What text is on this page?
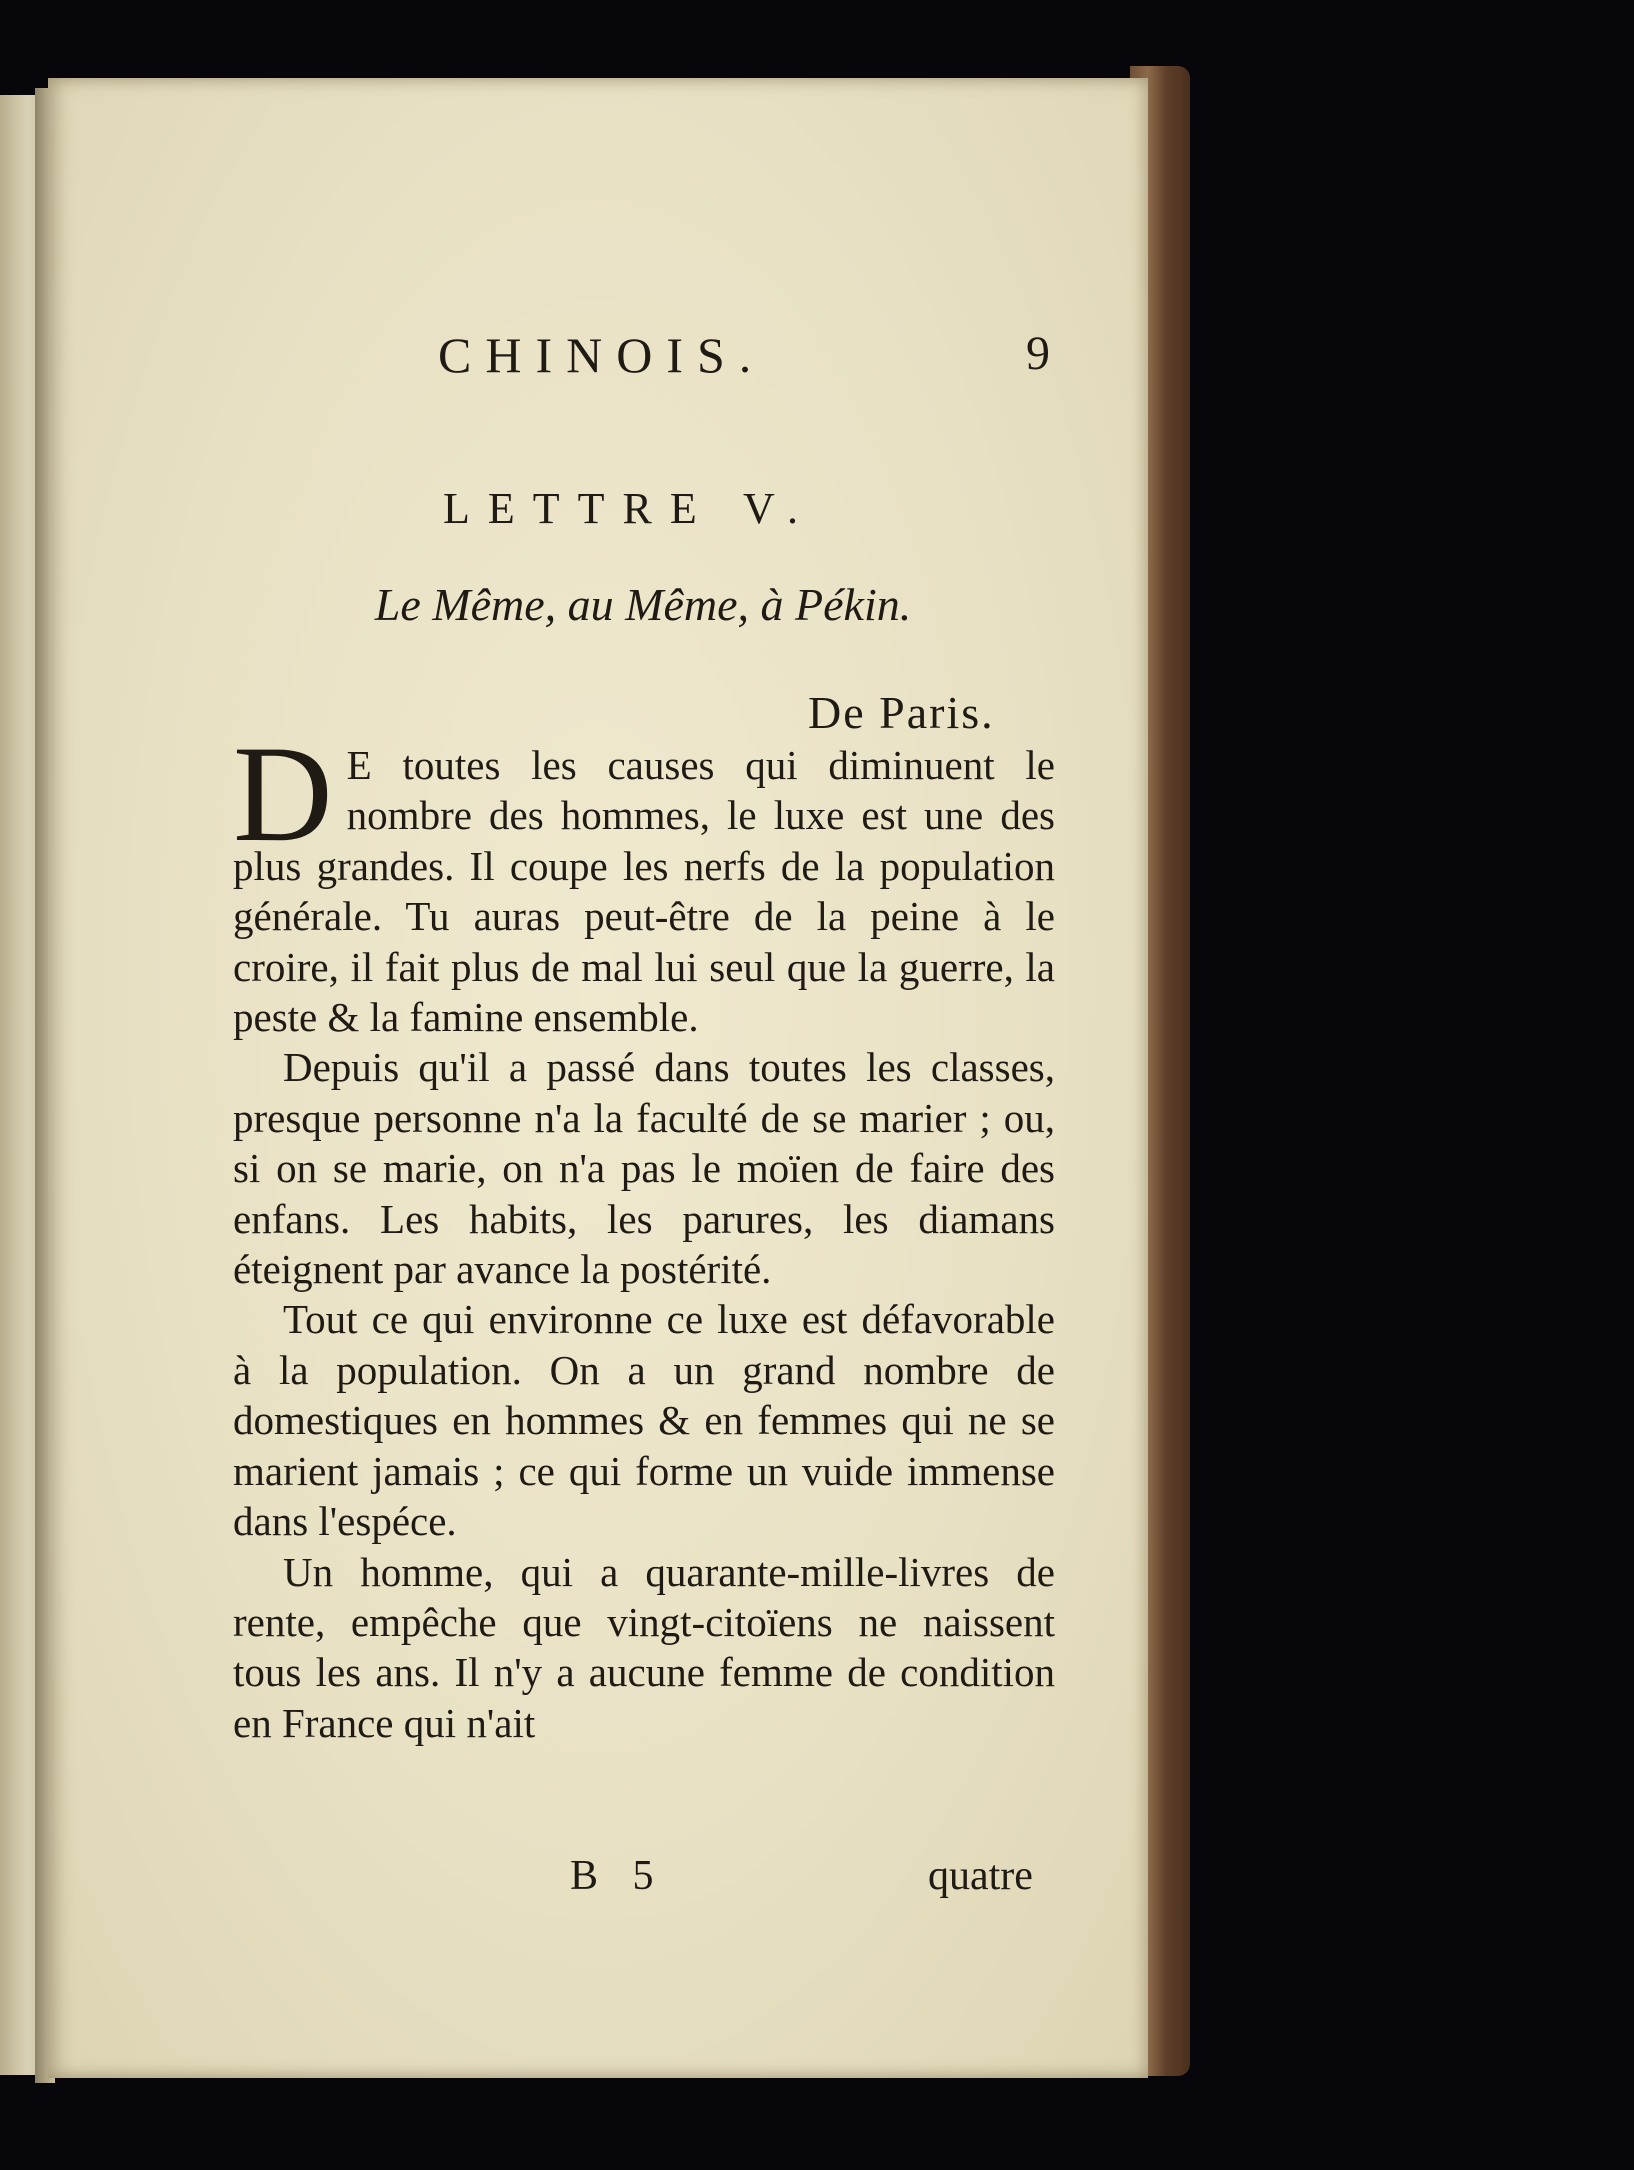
CHINOIS.	9
LETTRE V.
Le Même, au Même, à Pékin.
De Paris.

D E toutes les causes qui diminuent le nombre des hommes, le luxe est une des plus grandes. Il coupe les nerfs de la population générale. Tu auras peut-être de la peine à le croire, il fait plus de mal lui seul que la guerre, la peste & la famine ensemble.

Depuis qu'il a passé dans toutes les classes, presque personne n'a la faculté de se marier ; ou, si on se marie, on n'a pas le moïen de faire des enfans. Les habits, les parures, les diamans éteignent par avance la postérité.

Tout ce qui environne ce luxe est défavorable à la population. On a un grand nombre de domestiques en hommes & en femmes qui ne se marient jamais ; ce qui forme un vuide immense dans l'espéce.

Un homme, qui a quarante-mille-livres de rente, empêche que vingt-citoïens ne naissent tous les ans. Il n'y a aucune femme de condition en France qui n'ait

B 5	quatre
